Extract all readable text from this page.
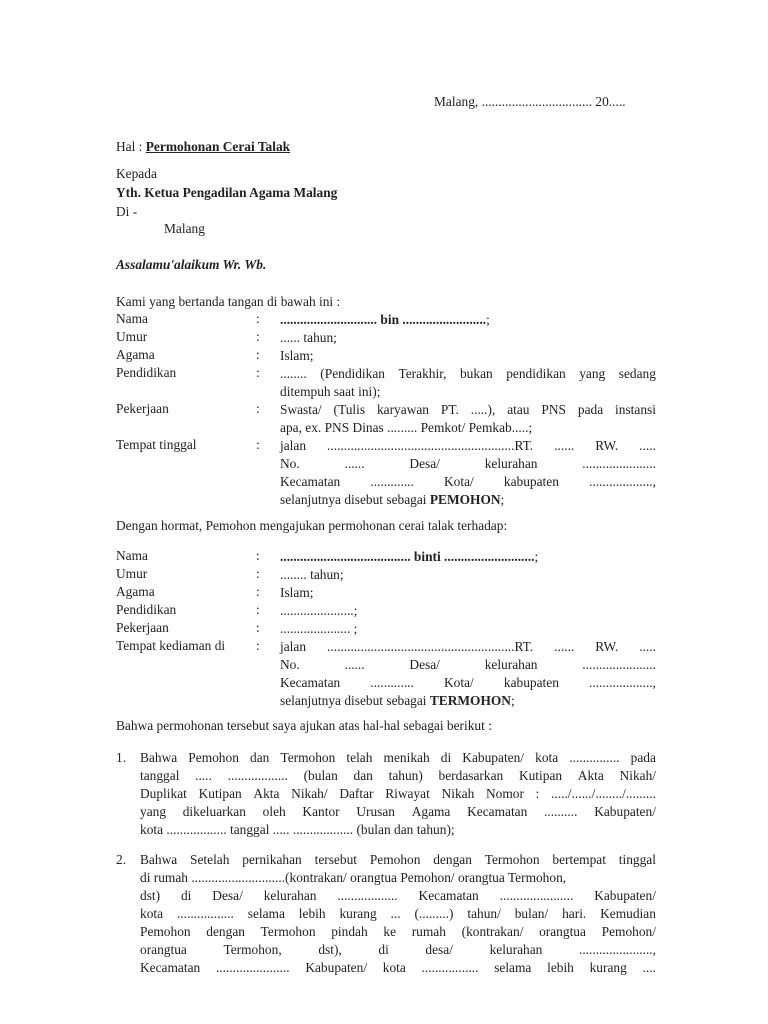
Malang, ................................. 20.....
Hal : Permohonan Cerai Talak
Kepada
Yth. Ketua Pengadilan Agama Malang
Di -
Malang
Assalamu'alaikum Wr. Wb.
Kami yang bertanda tangan di bawah ini :
Nama	: ............................. bin .........................;
Umur	: ...... tahun;
Agama	: Islam;
Pendidikan	: ........ (Pendidikan Terakhir, bukan pendidikan yang sedang
ditempuh saat ini);
Pekerjaan	: Swasta/ (Tulis karyawan PT. .....), atau PNS pada instansi
apa, ex. PNS Dinas ......... Pemkot/ Pemkab.....;
Tempat tinggal	: jalan ........................................................RT. ...... RW. .....
No.	......	Desa/	kelurahan	......................
Kecamatan ............. Kota/ kabupaten ...................,
selanjutnya disebut sebagai PEMOHON;
Dengan hormat, Pemohon mengajukan permohonan cerai talak terhadap:
Nama	: ....................................... binti ...........................;
Umur	: ........ tahun;
Agama	: Islam;
Pendidikan	: ......................;
Pekerjaan	: ..................... ;
Tempat kediaman di : jalan ........................................................RT. ...... RW. .....
No.	......	Desa/	kelurahan	......................
Kecamatan ............. Kota/ kabupaten ...................,
selanjutnya disebut sebagai TERMOHON;
Bahwa permohonan tersebut saya ajukan atas hal-hal sebagai berikut :
1. Bahwa Pemohon dan Termohon telah menikah di Kabupaten/ kota ............... pada
tanggal ..... .................. (bulan dan tahun) berdasarkan Kutipan Akta Nikah/
Duplikat Kutipan Akta Nikah/ Daftar Riwayat Nikah Nomor : ...../....../......../.........
yang dikeluarkan oleh Kantor Urusan Agama Kecamatan .......... Kabupaten/
kota .................. tanggal ..... .................. (bulan dan tahun);
2. Bahwa Setelah pernikahan tersebut Pemohon dengan Termohon bertempat tinggal
di rumah ............................(kontrakan/ orangtua Pemohon/ orangtua Termohon,
dst) di Desa/ kelurahan .................. Kecamatan ...................... Kabupaten/
kota ................. selama lebih kurang ... (.........) tahun/ bulan/ hari. Kemudian
Pemohon dengan Termohon pindah ke rumah (kontrakan/ orangtua Pemohon/
orangtua	Termohon,	dst),	di	desa/	kelurahan	......................,
Kecamatan ...................... Kabupaten/ kota ................. selama lebih kurang ....
